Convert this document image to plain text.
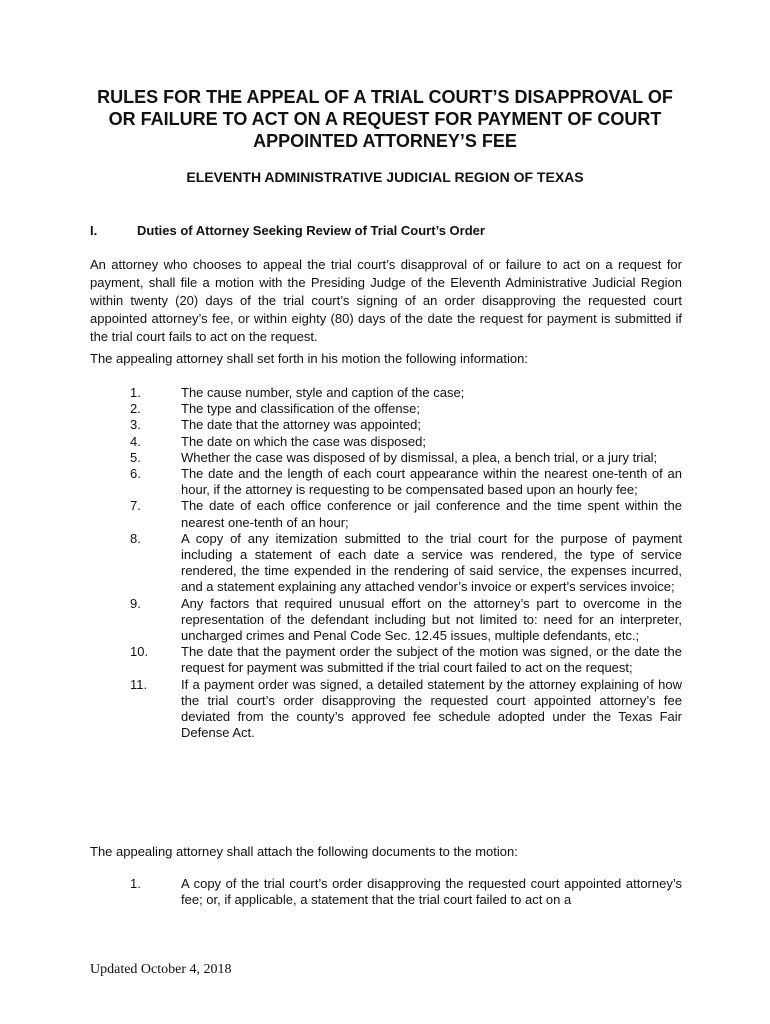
RULES FOR THE APPEAL OF A TRIAL COURT’S DISAPPROVAL OF
OR FAILURE TO ACT ON A REQUEST FOR PAYMENT OF COURT
APPOINTED ATTORNEY’S FEE
ELEVENTH ADMINISTRATIVE JUDICIAL REGION OF TEXAS
I.	Duties of Attorney Seeking Review of Trial Court’s Order
An attorney who chooses to appeal the trial court’s disapproval of or failure to act on a request for payment, shall file a motion with the Presiding Judge of the Eleventh Administrative Judicial Region within twenty (20) days of the trial court’s signing of an order disapproving the requested court appointed attorney’s fee, or within eighty (80) days of the date the request for payment is submitted if the trial court fails to act on the request.
The appealing attorney shall set forth in his motion the following information:
1.	The cause number, style and caption of the case;
2.	The type and classification of the offense;
3.	The date that the attorney was appointed;
4.	The date on which the case was disposed;
5.	Whether the case was disposed of by dismissal, a plea, a bench trial, or a jury trial;
6.	The date and the length of each court appearance within the nearest one-tenth of an hour, if the attorney is requesting to be compensated based upon an hourly fee;
7.	The date of each office conference or jail conference and the time spent within the nearest one-tenth of an hour;
8.	A copy of any itemization submitted to the trial court for the purpose of payment including a statement of each date a service was rendered, the type of service rendered, the time expended in the rendering of said service, the expenses incurred, and a statement explaining any attached vendor’s invoice or expert’s services invoice;
9.	Any factors that required unusual effort on the attorney’s part to overcome in the representation of the defendant including but not limited to: need for an interpreter, uncharged crimes and Penal Code Sec. 12.45 issues, multiple defendants, etc.;
10.	The date that the payment order the subject of the motion was signed, or the date the request for payment was submitted if the trial court failed to act on the request;
11.	If a payment order was signed, a detailed statement by the attorney explaining of how the trial court’s order disapproving the requested court appointed attorney’s fee deviated from the county’s approved fee schedule adopted under the Texas Fair Defense Act.
The appealing attorney shall attach the following documents to the motion:
1.	A copy of the trial court’s order disapproving the requested court appointed attorney’s fee; or, if applicable, a statement that the trial court failed to act on a
Updated October 4, 2018
